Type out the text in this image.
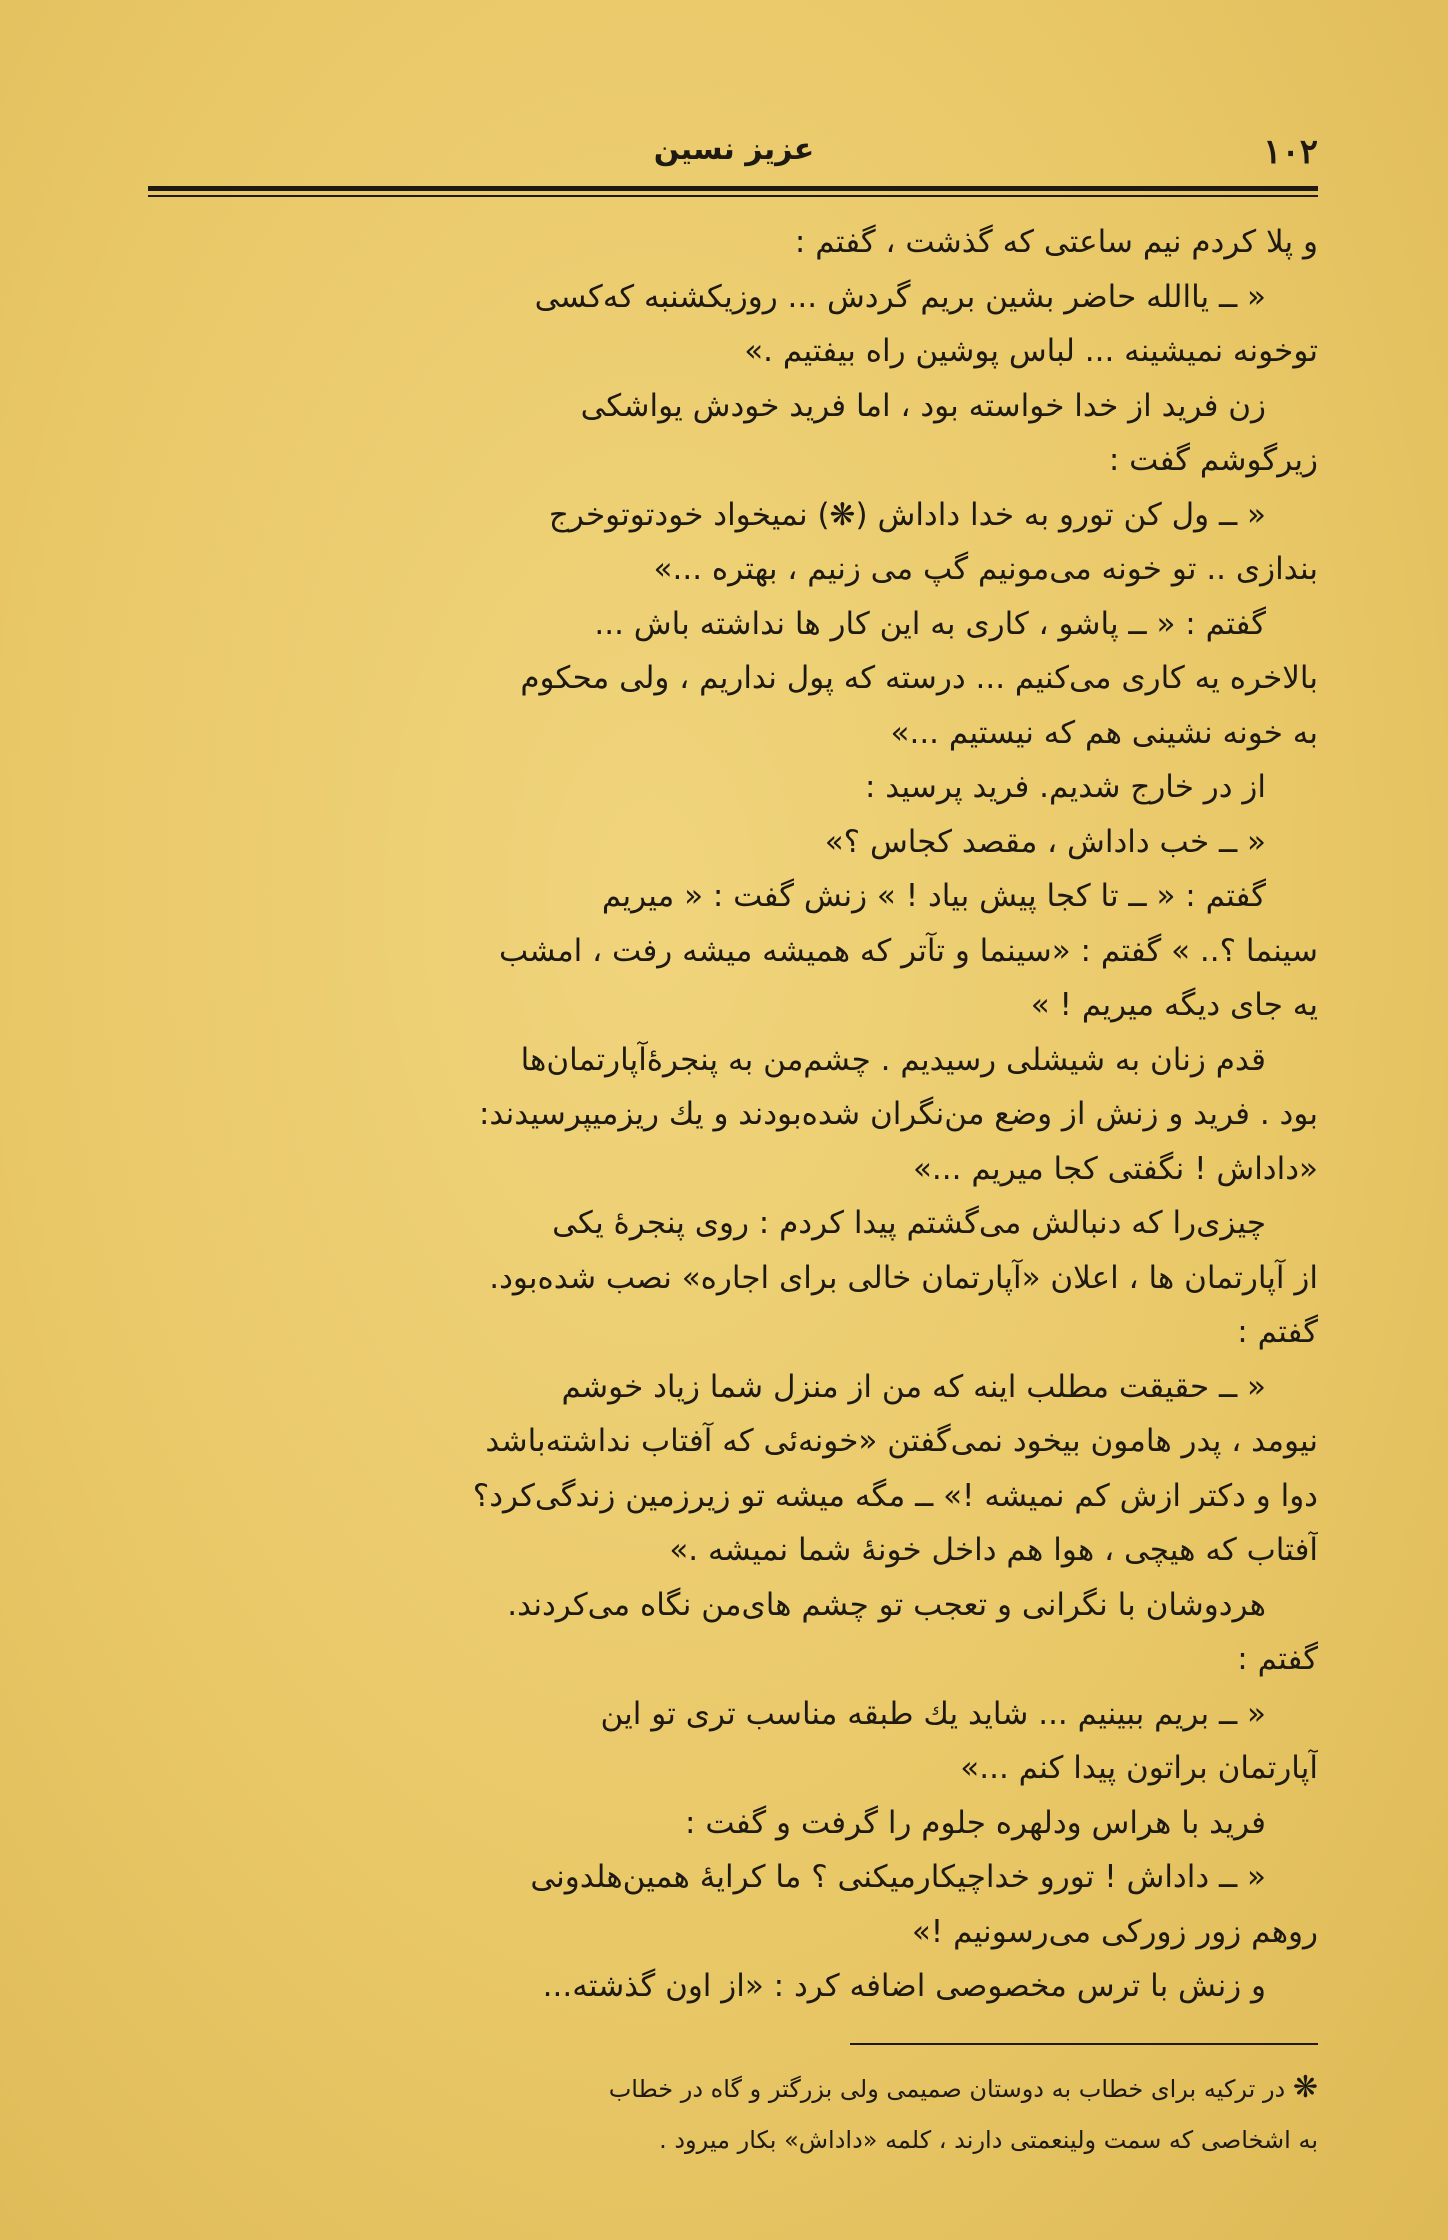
۱۰۲
عزیز نسین
و پلا کردم نیم ساعتی که گذشت ، گفتم :
« ــ یاالله حاضر بشین بریم گردش ... روزیکشنبه که‌کسی
توخونه نمیشینه ... لباس پوشین راه بیفتیم .»
زن فرید از خدا خواسته بود ، اما فرید خودش یواشکی
زیرگوشم گفت :
« ــ ول کن تورو به خدا داداش (❋) نمیخواد خودتوتوخرج
بندازی .. تو خونه می‌مونیم گپ می زنیم ، بهتره ...»
گفتم : « ــ پاشو ، کاری به این کار ها نداشته باش ...
بالاخره یه کاری می‌کنیم ... درسته که پول نداریم ، ولی محکوم
به خونه نشینی هم که نیستیم ...»
از در خارج شدیم. فرید پرسید :
« ــ خب داداش ، مقصد کجاس ؟»
گفتم : « ــ تا کجا پیش بیاد ! » زنش گفت : « میریم
سینما ؟.. » گفتم : «سینما و تآتر که همیشه میشه رفت ، امشب
یه جای دیگه میریم ! »
قدم زنان به شیشلی رسیدیم . چشم‌من به پنجرهٔ‌آپارتمان‌ها
بود . فرید و زنش از وضع من‌نگران شده‌بودند و یك ریزمیپرسیدند:
«داداش ! نگفتی کجا میریم ...»
چیزی‌را که دنبالش می‌گشتم پیدا کردم : روی پنجرهٔ یکی
از آپارتمان ها ، اعلان «آپارتمان خالی برای اجاره» نصب شده‌بود.
گفتم :
« ــ حقیقت مطلب اینه که من از منزل شما زیاد خوشم
نیومد ، پدر هامون بیخود نمی‌گفتن «خونه‌ئی که آفتاب نداشته‌باشد
دوا و دکتر ازش کم نمیشه !» ــ مگه میشه تو زیرزمین زندگی‌کرد؟
آفتاب که هیچی ، هوا هم داخل خونهٔ شما نمیشه .»
هردوشان با نگرانی و تعجب تو چشم های‌من نگاه می‌کردند.
گفتم :
« ــ بریم ببینیم ... شاید یك طبقه مناسب تری تو این
آپارتمان براتون پیدا کنم ...»
فرید با هراس ودلهره جلوم را گرفت و گفت :
« ــ داداش ! تورو خداچیکارمیکنی ؟ ما کرایهٔ همین‌هلدونی
روهم زور زورکی می‌رسونیم !»
و زنش با ترس مخصوصی اضافه کرد : «از اون گذشته...
❋ در ترکیه برای خطاب به دوستان صمیمی ولی بزرگتر و گاه در خطاب
به اشخاصی که سمت ولینعمتی دارند ، کلمه «داداش» بکار میرود .
